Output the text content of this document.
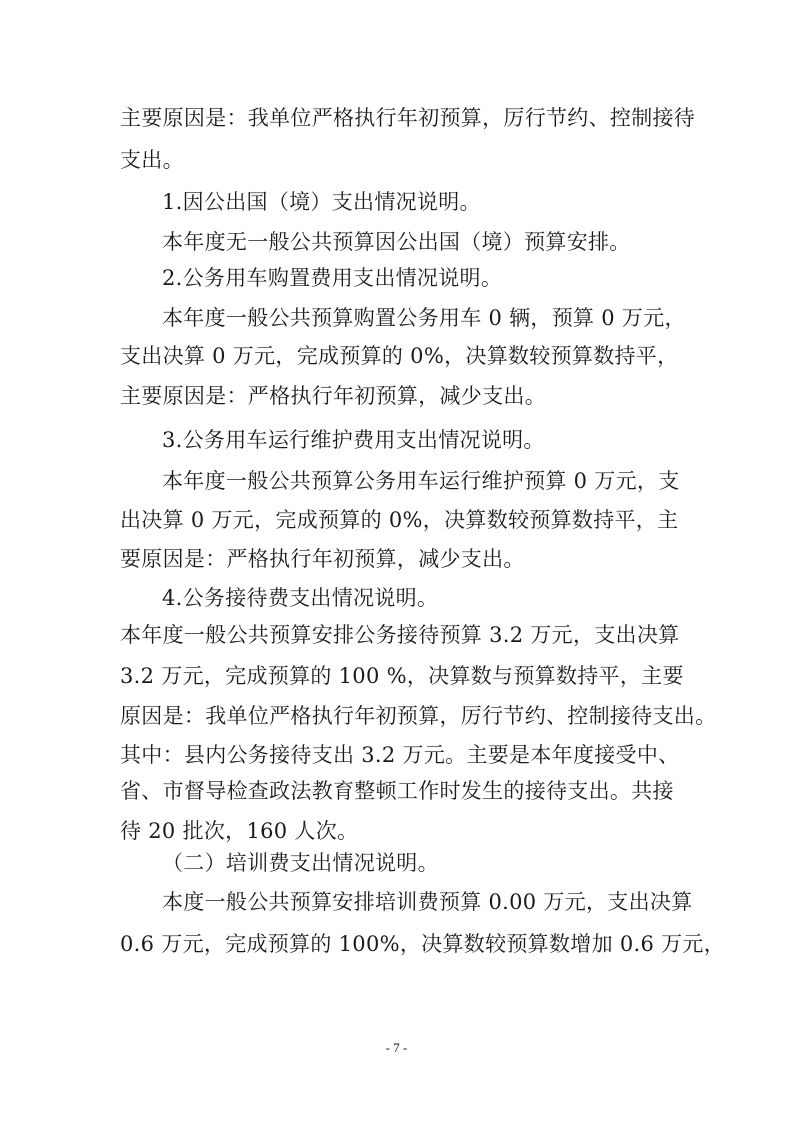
主要原因是：我单位严格执行年初预算，厉行节约、控制接待
支出。
1.因公出国（境）支出情况说明。
本年度无一般公共预算因公出国（境）预算安排。
2.公务用车购置费用支出情况说明。
本年度一般公共预算购置公务用车 0 辆，预算 0 万元，
支出决算 0 万元，完成预算的 0%，决算数较预算数持平，
主要原因是：严格执行年初预算，减少支出。
3.公务用车运行维护费用支出情况说明。
本年度一般公共预算公务用车运行维护预算 0 万元，支
出决算 0 万元，完成预算的 0%，决算数较预算数持平，主
要原因是：严格执行年初预算，减少支出。
4.公务接待费支出情况说明。
本年度一般公共预算安排公务接待预算 3.2 万元，支出决算
3.2 万元，完成预算的 100 %，决算数与预算数持平，主要
原因是：我单位严格执行年初预算，厉行节约、控制接待支出。
其中：县内公务接待支出 3.2 万元。主要是本年度接受中、
省、市督导检查政法教育整顿工作时发生的接待支出。共接
待 20 批次，160 人次。
（二）培训费支出情况说明。
本度一般公共预算安排培训费预算 0.00 万元，支出决算
0.6 万元，完成预算的 100%，决算数较预算数增加 0.6 万元，
- 7 -
